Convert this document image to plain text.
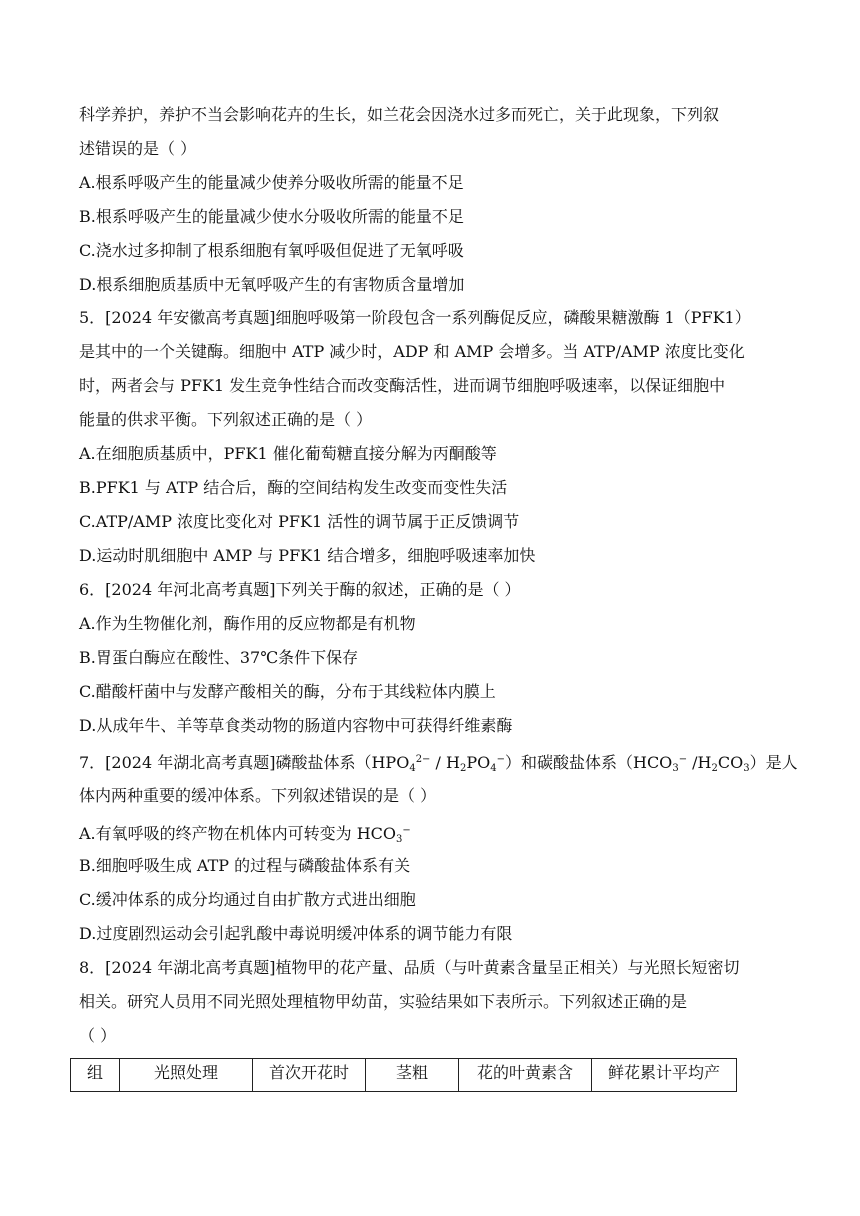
科学养护，养护不当会影响花卉的生长，如兰花会因浇水过多而死亡，关于此现象，下列叙
述错误的是（ ）
A.根系呼吸产生的能量减少使养分吸收所需的能量不足
B.根系呼吸产生的能量减少使水分吸收所需的能量不足
C.浇水过多抑制了根系细胞有氧呼吸但促进了无氧呼吸
D.根系细胞质基质中无氧呼吸产生的有害物质含量增加
5．[2024 年安徽高考真题]细胞呼吸第一阶段包含一系列酶促反应，磷酸果糖激酶 1（PFK1）
是其中的一个关键酶。细胞中 ATP 减少时，ADP 和 AMP 会增多。当 ATP/AMP 浓度比变化
时，两者会与 PFK1 发生竞争性结合而改变酶活性，进而调节细胞呼吸速率，以保证细胞中
能量的供求平衡。下列叙述正确的是（ ）
A.在细胞质基质中，PFK1 催化葡萄糖直接分解为丙酮酸等
B.PFK1 与 ATP 结合后，酶的空间结构发生改变而变性失活
C.ATP/AMP 浓度比变化对 PFK1 活性的调节属于正反馈调节
D.运动时肌细胞中 AMP 与 PFK1 结合增多，细胞呼吸速率加快
6．[2024 年河北高考真题]下列关于酶的叙述，正确的是（ ）
A.作为生物催化剂，酶作用的反应物都是有机物
B.胃蛋白酶应在酸性、37℃条件下保存
C.醋酸杆菌中与发酵产酸相关的酶，分布于其线粒体内膜上
D.从成年牛、羊等草食类动物的肠道内容物中可获得纤维素酶
7．[2024 年湖北高考真题]磷酸盐体系$(HPO_4^{2-} / H_2PO_4^-)$和碳酸盐体系（$HCO_3^-$ $/H_2CO_3$）是人
体内两种重要的缓冲体系。下列叙述错误的是（ ）
A.有氧呼吸的终产物在机体内可转变为 $HCO_3^-$
B.细胞呼吸生成 ATP 的过程与磷酸盐体系有关
C.缓冲体系的成分均通过自由扩散方式进出细胞
D.过度剧烈运动会引起乳酸中毒说明缓冲体系的调节能力有限
8．[2024 年湖北高考真题]植物甲的花产量、品质（与叶黄素含量呈正相关）与光照长短密切
相关。研究人员用不同光照处理植物甲幼苗，实验结果如下表所示。下列叙述正确的是
（ ）
组	光照处理	首次开花时	茎粗	花的叶黄素含	鲜花累计平均产
